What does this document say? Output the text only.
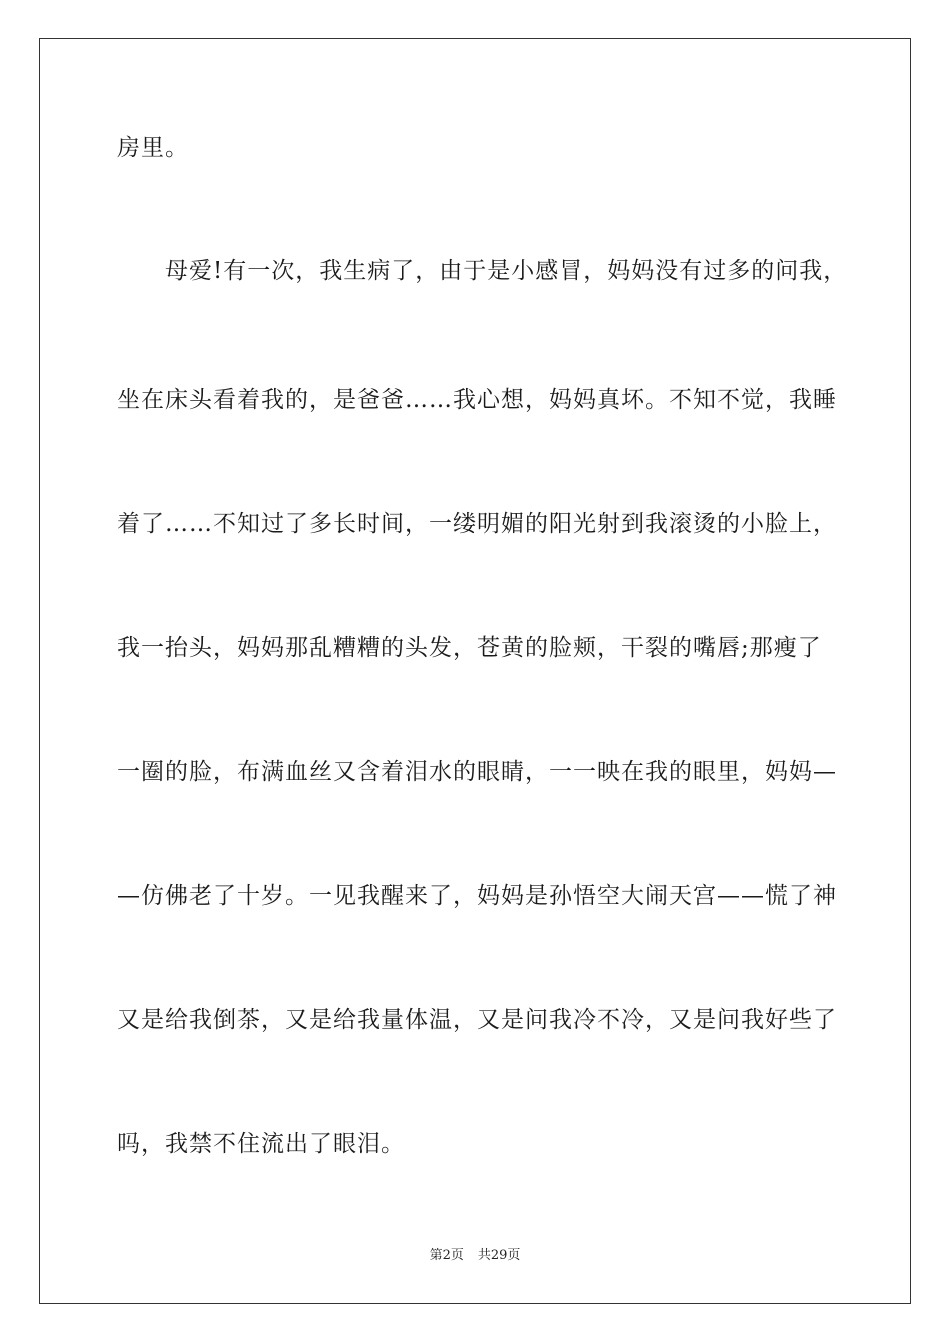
房里。
母爱!有一次，我生病了，由于是小感冒，妈妈没有过多的问我，
坐在床头看着我的，是爸爸……我心想，妈妈真坏。不知不觉，我睡
着了……不知过了多长时间，一缕明媚的阳光射到我滚烫的小脸上，
我一抬头，妈妈那乱糟糟的头发，苍黄的脸颊，干裂的嘴唇;那瘦了
一圈的脸，布满血丝又含着泪水的眼睛，一一映在我的眼里，妈妈—
—仿佛老了十岁。一见我醒来了，妈妈是孙悟空大闹天宫——慌了神
又是给我倒茶，又是给我量体温，又是问我冷不冷，又是问我好些了
吗，我禁不住流出了眼泪。
第2页 共29页
